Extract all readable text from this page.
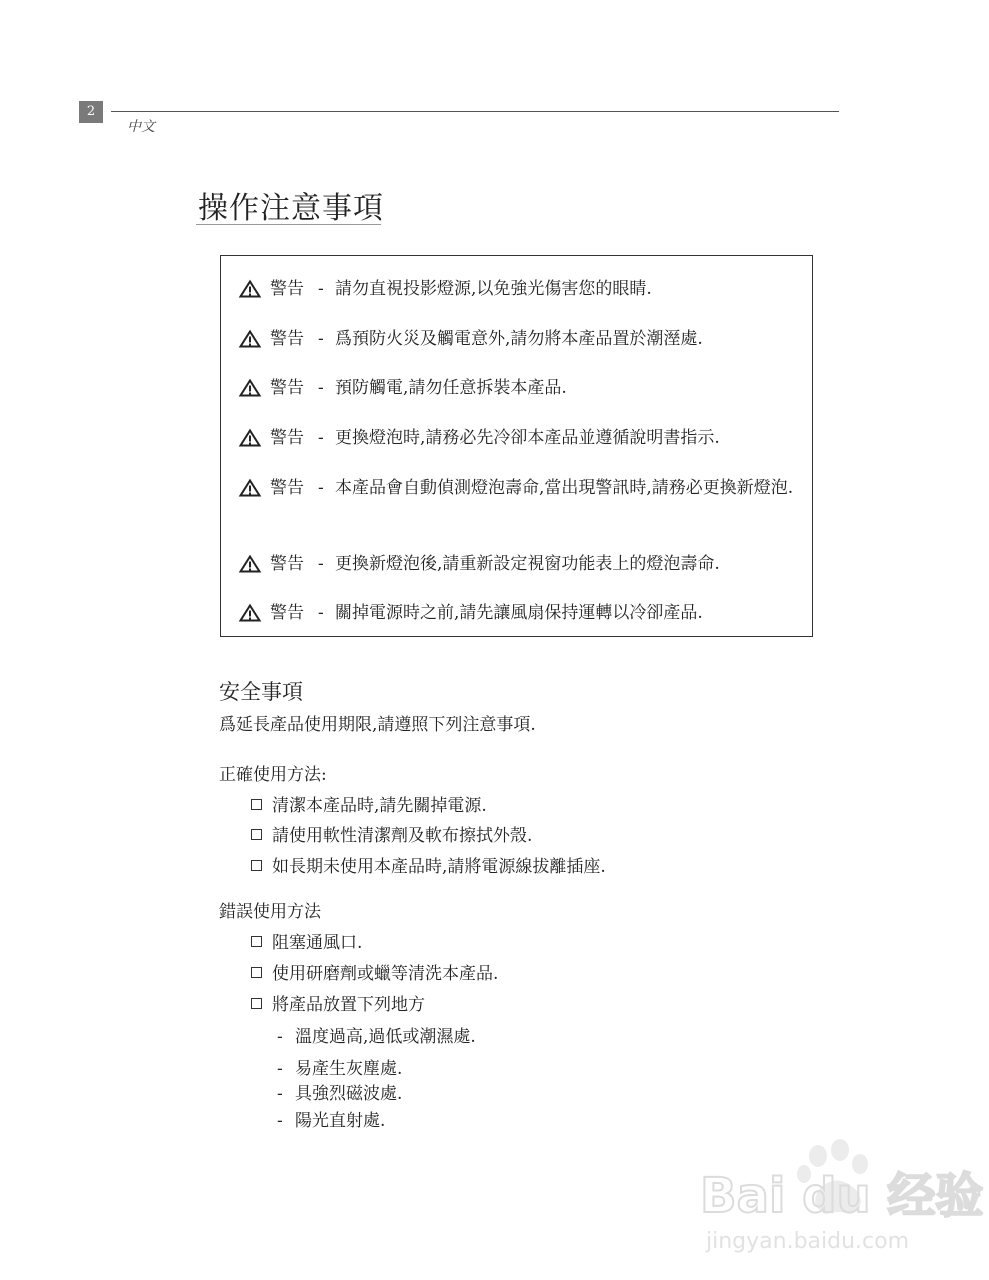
2
中文
操作注意事項
警告 - 請勿直視投影燈源,以免強光傷害您的眼睛.
警告 - 爲預防火災及觸電意外,請勿將本產品置於潮溼處.
警告 - 預防觸電,請勿任意拆裝本產品.
警告 - 更換燈泡時,請務必先冷卻本產品並遵循說明書指示.
警告 - 本產品會自動偵測燈泡壽命,當出現警訊時,請務必更換新燈泡.
警告 - 更換新燈泡後,請重新設定視窗功能表上的燈泡壽命.
警告 - 關掉電源時之前,請先讓風扇保持運轉以冷卻產品.
安全事項
爲延長產品使用期限,請遵照下列注意事項.
正確使用方法:
清潔本產品時,請先關掉電源.
請使用軟性清潔劑及軟布擦拭外殼.
如長期未使用本產品時,請將電源線拔離插座.
錯誤使用方法
阻塞通風口.
使用研磨劑或蠟等清洗本產品.
將產品放置下列地方
- 溫度過高,過低或潮濕處.
- 易產生灰塵處.
- 具強烈磁波處.
- 陽光直射處.
Bai du 经验
jingyan.baidu.com
